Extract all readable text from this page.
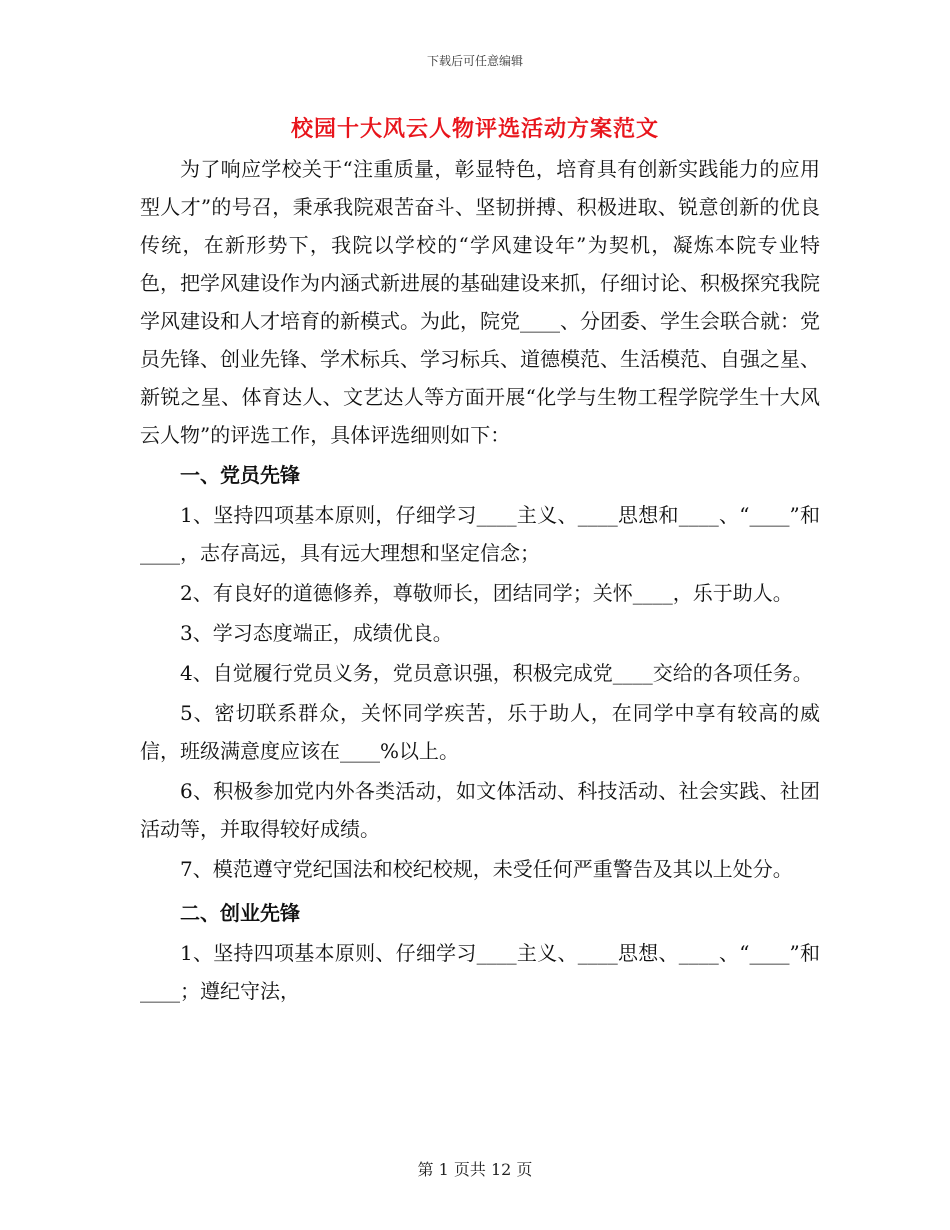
下载后可任意编辑
校园十大风云人物评选活动方案范文

为了响应学校关于“注重质量，彰显特色，培育具有创新实践能力的应用型人才”的号召，秉承我院艰苦奋斗、坚韧拼搏、积极进取、锐意创新的优良传统，在新形势下，我院以学校的“学风建设年”为契机，凝炼本院专业特色，把学风建设作为内涵式新进展的基础建设来抓，仔细讨论、积极探究我院学风建设和人才培育的新模式。为此，院党____、分团委、学生会联合就：党员先锋、创业先锋、学术标兵、学习标兵、道德模范、生活模范、自强之星、新锐之星、体育达人、文艺达人等方面开展“化学与生物工程学院学生十大风云人物”的评选工作，具体评选细则如下：

一、党员先锋

1、坚持四项基本原则，仔细学习____主义、____思想和____、“____”和____，志存高远，具有远大理想和坚定信念；

2、有良好的道德修养，尊敬师长，团结同学；关怀____，乐于助人。

3、学习态度端正，成绩优良。

4、自觉履行党员义务，党员意识强，积极完成党____交给的各项任务。

5、密切联系群众，关怀同学疾苦，乐于助人，在同学中享有较高的威信，班级满意度应该在____%以上。

6、积极参加党内外各类活动，如文体活动、科技活动、社会实践、社团活动等，并取得较好成绩。

7、模范遵守党纪国法和校纪校规，未受任何严重警告及其以上处分。

二、创业先锋

1、坚持四项基本原则、仔细学习____主义、____思想、____、“____”和____；遵纪守法，

第 1 页共 12 页
